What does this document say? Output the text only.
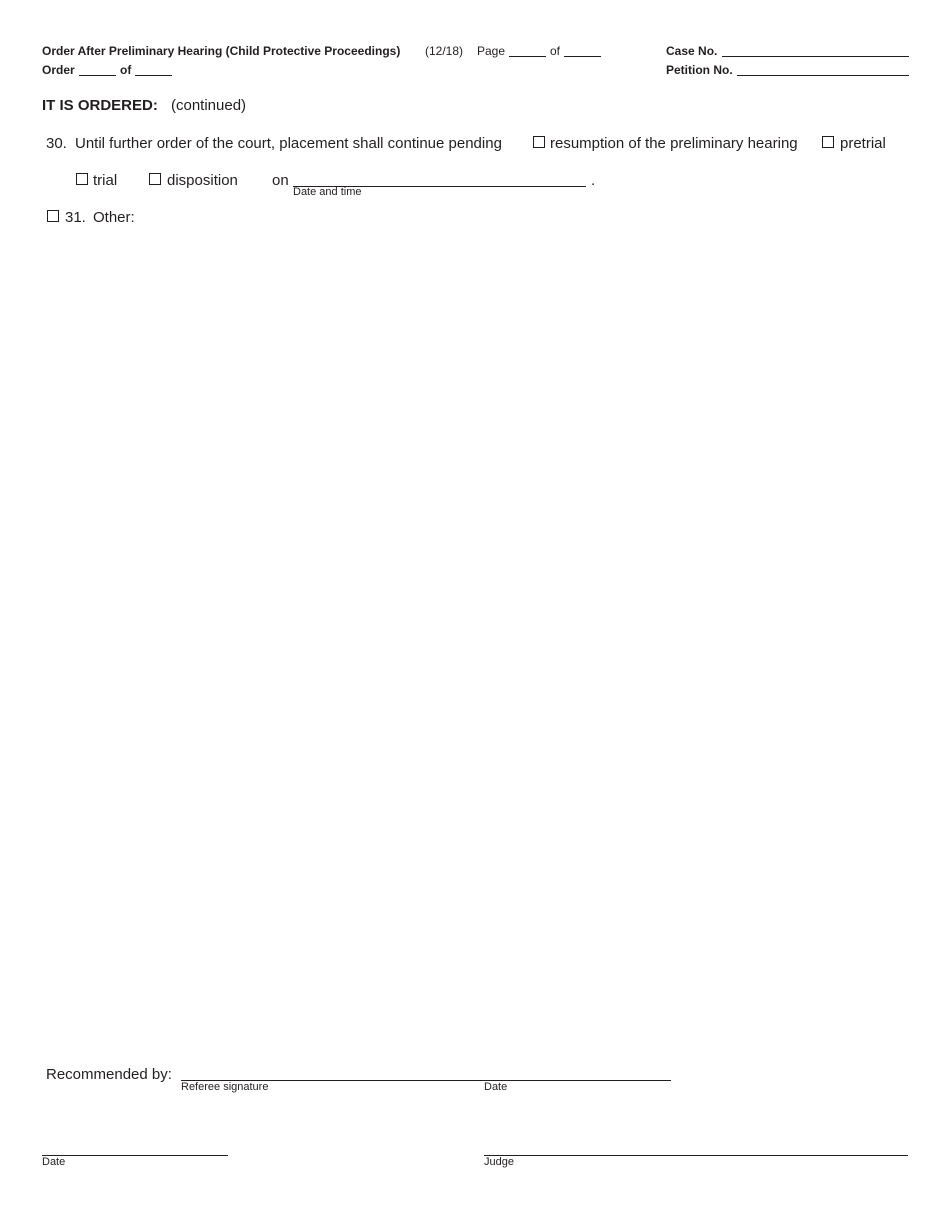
Order After Preliminary Hearing (Child Protective Proceedings) (12/18) Page	of
Order	of
Case No.
Petition No.
IT IS ORDERED: (continued)
30. Until further order of the court, placement shall continue pending	resumption of the preliminary hearing	pretrial
trial	disposition on	.
Date and time
31. Other:
Recommended by:
Referee signature	Date
Date	Judge
